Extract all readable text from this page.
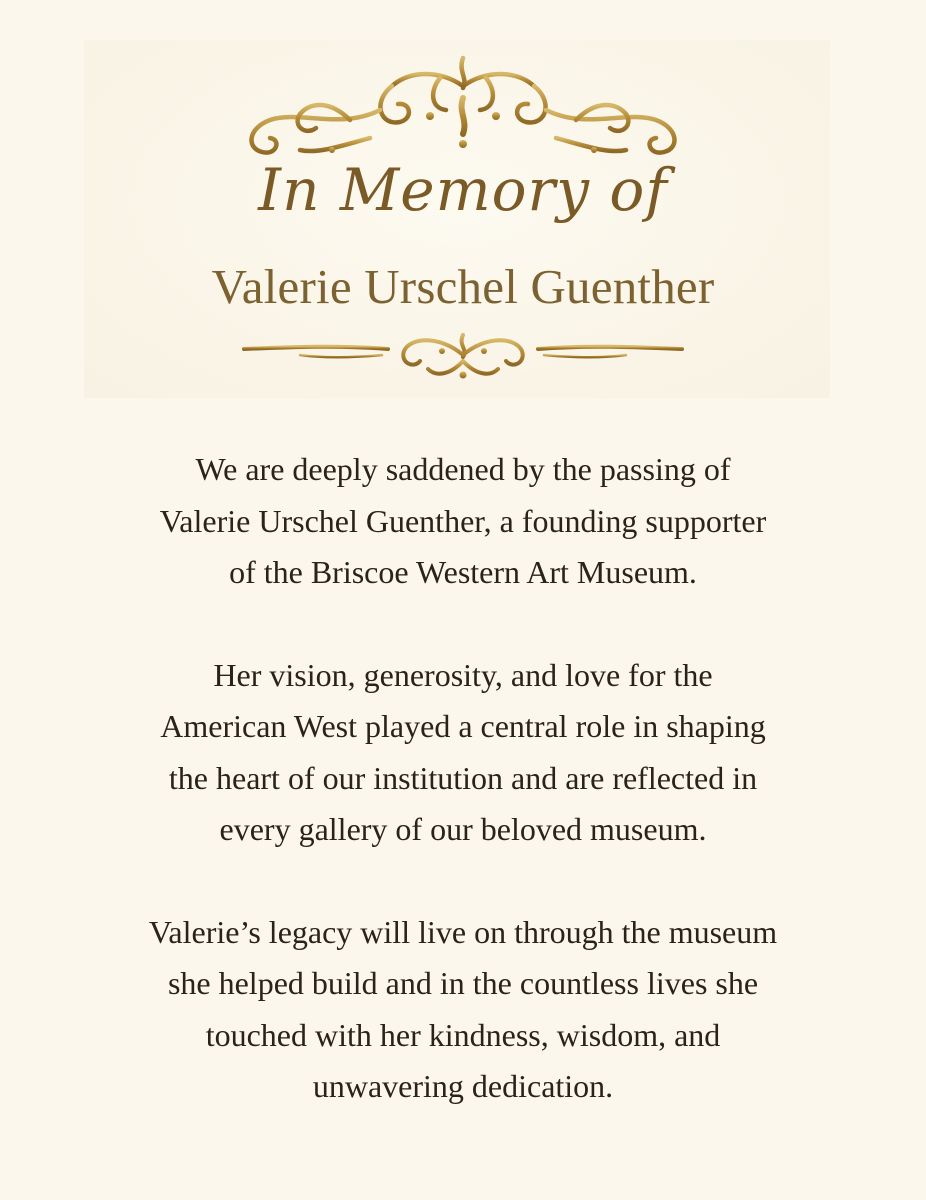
In Memory of
Valerie Urschel Guenther

We are deeply saddened by the passing of
Valerie Urschel Guenther, a founding supporter
of the Briscoe Western Art Museum.

Her vision, generosity, and love for the
American West played a central role in shaping
the heart of our institution and are reflected in
every gallery of our beloved museum.

Valerie’s legacy will live on through the museum
she helped build and in the countless lives she
touched with her kindness, wisdom, and
unwavering dedication.
